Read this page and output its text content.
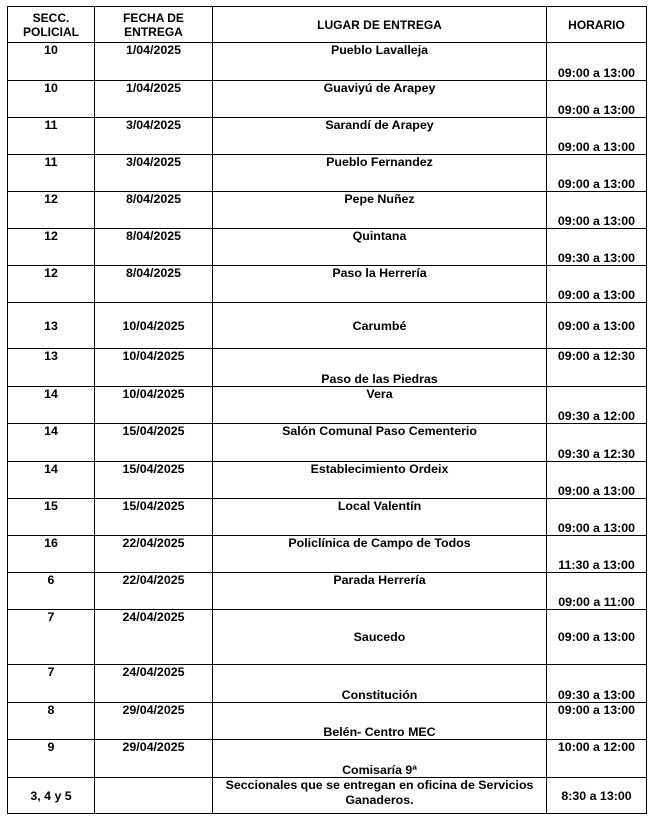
SECC. POLICIAL	FECHA DE ENTREGA	LUGAR DE ENTREGA	HORARIO
10	1/04/2025	Pueblo Lavalleja	09:00 a 13:00
10	1/04/2025	Guaviyú de Arapey	09:00 a 13:00
11	3/04/2025	Sarandí de Arapey	09:00 a 13:00
11	3/04/2025	Pueblo Fernandez	09:00 a 13:00
12	8/04/2025	Pepe Nuñez	09:00 a 13:00
12	8/04/2025	Quintana	09:30 a 13:00
12	8/04/2025	Paso la Herrería	09:00 a 13:00
13	10/04/2025	Carumbé	09:00 a 13:00
13	10/04/2025	Paso de las Piedras	09:00 a 12:30
14	10/04/2025	Vera	09:30 a 12:00
14	15/04/2025	Salón Comunal Paso Cementerio	09:30 a 12:30
14	15/04/2025	Establecimiento Ordeix	09:00 a 13:00
15	15/04/2025	Local Valentín	09:00 a 13:00
16	22/04/2025	Policlínica de Campo de Todos	11:30 a 13:00
6	22/04/2025	Parada Herrería	09:00 a 11:00
7	24/04/2025	Saucedo	09:00 a 13:00
7	24/04/2025	Constitución	09:30 a 13:00
8	29/04/2025	Belén- Centro MEC	09:00 a 13:00
9	29/04/2025	Comisaría 9ª	10:00 a 12:00
3, 4 y 5		Seccionales que se entregan en oficina de Servicios Ganaderos.	8:30 a 13:00
